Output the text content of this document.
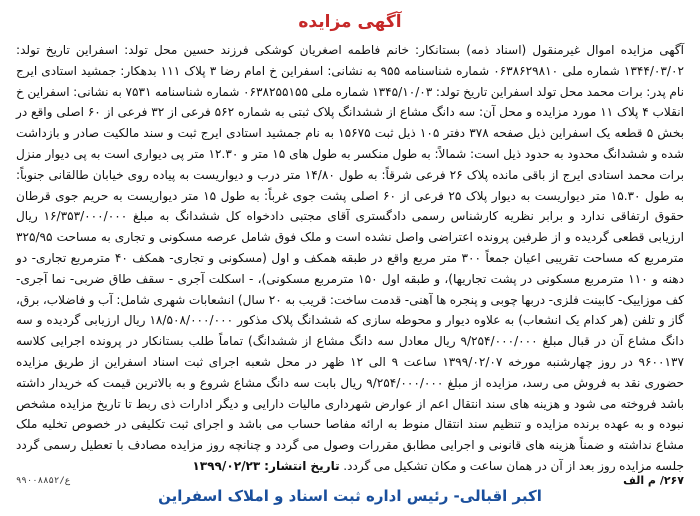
آگهی مزایده

آگهی مزایده اموال غیرمنقول (اسناد ذمه) بستانکار: خانم فاطمه اصغریان کوشکی فرزند حسین محل تولد: اسفراین تاریخ تولد: ۱۳۴۴/۰۳/۰۲ شماره ملی ۰۶۳۸۶۲۹۸۱۰ شماره شناسنامه ۹۵۵ به نشانی: اسفراین خ امام رضا ۳ پلاک ۱۱۱ بدهکار: جمشید استادی ایرج نام پدر: برات محمد محل تولد اسفراین تاریخ تولد: ۱۳۴۵/۱۰/۰۳ شماره ملی ۰۶۳۸۲۵۵۱۵۵ شماره شناسنامه ۷۵۳۱ به نشانی: اسفراین خ انقلاب ۴ پلاک ۱۱ مورد مزایده و محل آن: سه دانگ مشاع از ششدانگ پلاک ثبتی به شماره ۵۶۲ فرعی از ۳۲ فرعی از ۶۰ اصلی واقع در بخش ۵ قطعه یک اسفراین ذیل صفحه ۳۷۸ دفتر ۱۰۵ ذیل ثبت ۱۵۶۷۵ به نام جمشید استادی ایرج ثبت و سند مالکیت صادر و بازداشت شده و ششدانگ محدود به حدود ذیل است: شمالاً: به طول منکسر به طول های ۱۵ متر و ۱۲.۳۰ متر پی دیواری است به پی دیوار منزل برات محمد استادی ایرج از باقی مانده پلاک ۲۶ فرعی شرقاً: به طول ۱۴/۸۰ متر درب و دیواریست به پیاده روی خیابان طالقانی جنوباً: به طول ۱۵.۳۰ متر دیواریست به دیوار پلاک ۲۵ فرعی از ۶۰ اصلی پشت جوی غرباً: به طول ۱۵ متر دیواریست به حریم جوی قرطان حقوق ارتفاقی ندارد و برابر نظریه کارشناس رسمی دادگستری آقای مجتبی دادخواه کل ششدانگ به مبلغ ۱۶/۳۵۳/۰۰۰/۰۰۰ ریال ارزیابی قطعی گردیده و از طرفین پرونده اعتراضی واصل نشده است و ملک فوق شامل عرصه مسکونی و تجاری به مساحت ۳۲۵/۹۵ مترمربع که مساحت تقریبی اعیان جمعاً ۳۰۰ متر مربع واقع در طبقه همکف و اول (مسکونی و تجاری- همکف ۴۰ مترمربع تجاری- دو دهنه و ۱۱۰ مترمربع مسکونی در پشت تجاریها)، و طبقه اول ۱۵۰ مترمربع مسکونی)، - اسکلت آجری - سقف طاق ضربی- نما آجری- کف موزاییک- کابینت فلزی- دربها چوبی و پنجره ها آهنی- قدمت ساخت: قریب به ۲۰ سال) انشعابات شهری شامل: آب و فاضلاب، برق، گاز و تلفن (هر کدام یک انشعاب) به علاوه دیوار و محوطه سازی که ششدانگ پلاک مذکور ۱۸/۵۰۸/۰۰۰/۰۰۰ ریال ارزیابی گردیده و سه دانگ مشاع آن در قبال مبلغ ۹/۲۵۴/۰۰۰/۰۰۰ ریال معادل سه دانگ مشاع از ششدانگ) تماماً طلب بستانکار در پرونده اجرایی کلاسه ۹۶۰۰۱۳۷ در روز چهارشنبه مورخه ۱۳۹۹/۰۲/۰۷ ساعت ۹ الی ۱۲ ظهر در محل شعبه اجرای ثبت اسناد اسفراین از طریق مزایده حضوری نقد به فروش می رسد، مزایده از مبلغ ۹/۲۵۴/۰۰۰/۰۰۰ ریال بابت سه دانگ مشاع شروع و به بالاترین قیمت که خریدار داشته باشد فروخته می شود و هزینه های سند انتقال اعم از عوارض شهرداری مالیات دارایی و دیگر ادارات ذی ربط تا تاریخ مزایده مشخص نبوده و به عهده برنده مزایده و تنظیم سند انتقال منوط به ارائه مفاصا حساب می باشد و اجرای ثبت تکلیفی در خصوص تخلیه ملک مشاع نداشته و ضمناً هزینه های قانونی و اجرایی مطابق مقررات وصول می گردد و چنانچه روز مزایده مصادف با تعطیل رسمی گردد جلسه مزایده روز بعد از آن در همان ساعت و مکان تشکیل می گردد. تاریخ انتشار: ۱۳۹۹/۰۲/۲۳

اکبر اقبالی- رئیس اداره ثبت اسناد و املاک اسفراین
۹۹۰۰۸۸۵۲/ع	۲۶۷/ م الف
